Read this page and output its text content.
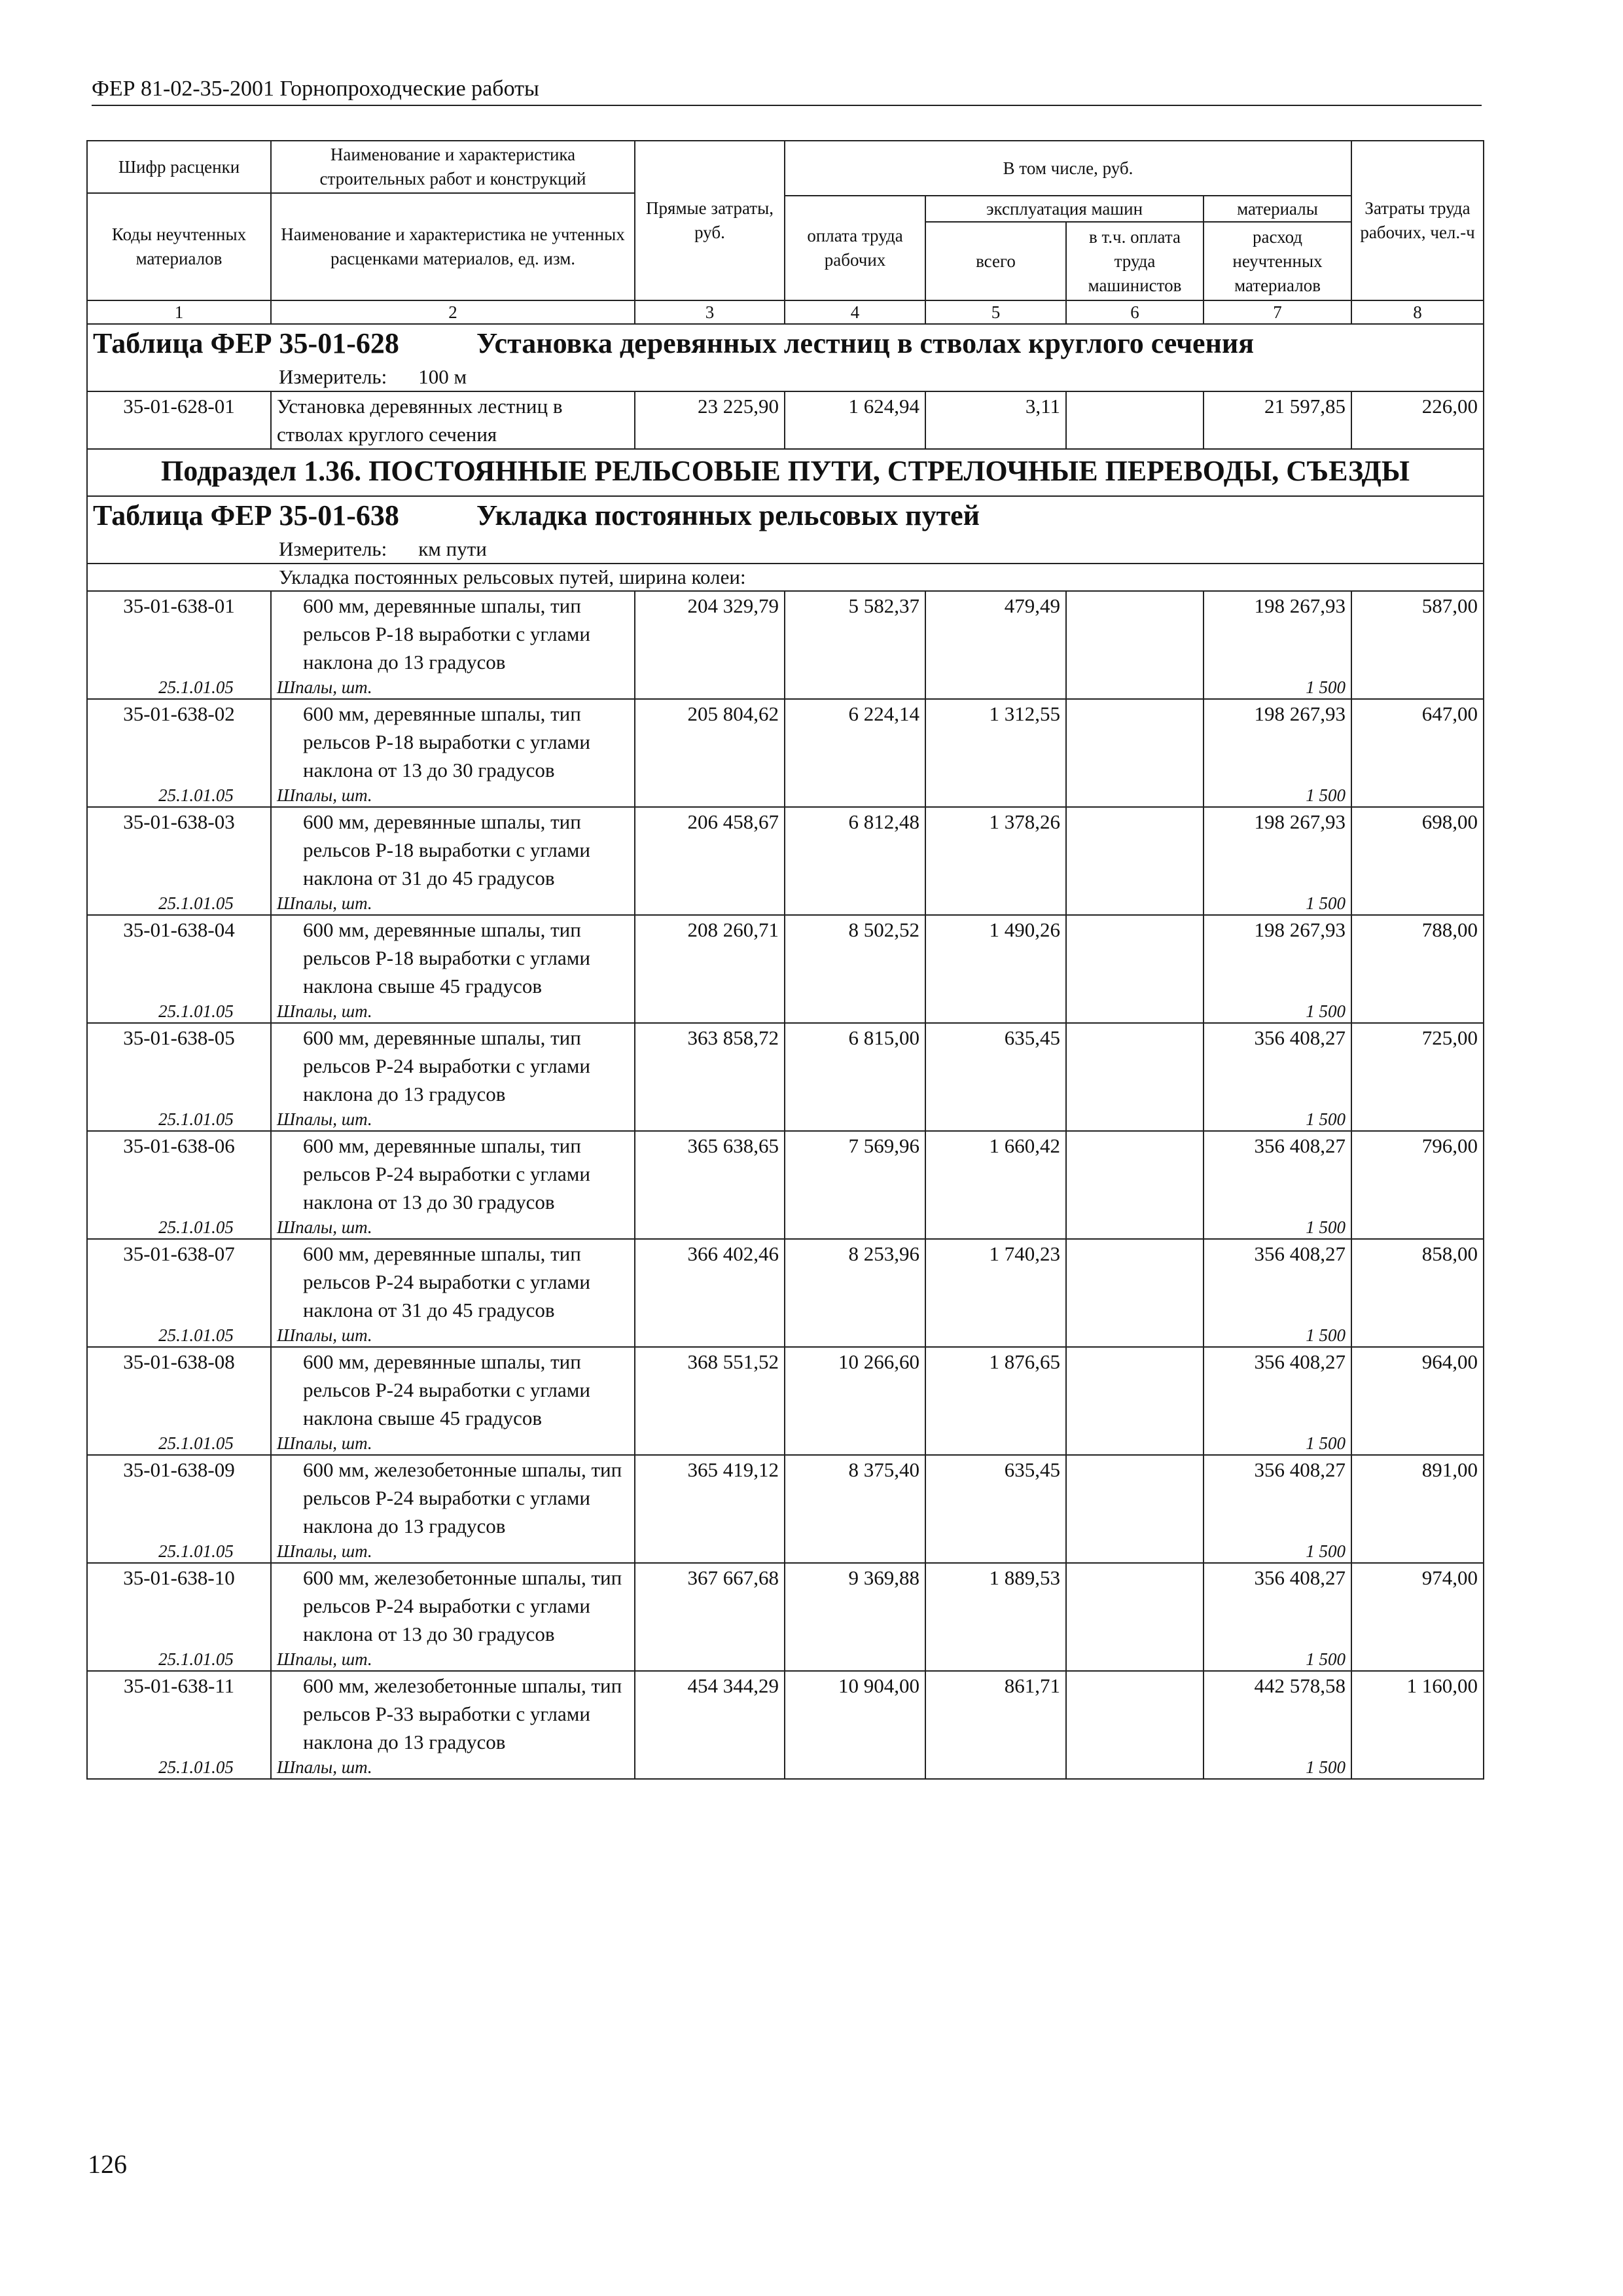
ФЕР 81-02-35-2001 Горнопроходческие работы
Шифр расценки	Наименование и характеристика строительных работ и конструкций	Прямые затраты, руб.	В том числе, руб.				Затраты труда рабочих, чел.-ч
Коды неучтенных материалов	Наименование и характеристика не учтенных расценками материалов, ед. изм.						
			оплата труда рабочих	эксплуатация машин		материалы	
				всего	в т.ч. оплата труда машинистов	расход неучтенных материалов	
1	2	3	4	5	6	7	8
Таблица ФЕР 35-01-628 Установка деревянных лестниц в стволах круглого сечения							
Измеритель: 100 м							
35-01-628-01	Установка деревянных лестниц в стволах круглого сечения	23 225,90	1 624,94	3,11		21 597,85	226,00
Подраздел 1.36. ПОСТОЯННЫЕ РЕЛЬСОВЫЕ ПУТИ, СТРЕЛОЧНЫЕ ПЕРЕВОДЫ, СЪЕЗДЫ							
Таблица ФЕР 35-01-638 Укладка постоянных рельсовых путей							
Измеритель: км пути							
Укладка постоянных рельсовых путей, ширина колеи:							
35-01-638-01	600 мм, деревянные шпалы, тип рельсов Р-18 выработки с углами наклона до 13 градусов	204 329,79	5 582,37	479,49		198 267,93	587,00
25.1.01.05	Шпалы, шт.					1 500	
35-01-638-02	600 мм, деревянные шпалы, тип рельсов Р-18 выработки с углами наклона от 13 до 30 градусов	205 804,62	6 224,14	1 312,55		198 267,93	647,00
25.1.01.05	Шпалы, шт.					1 500	
35-01-638-03	600 мм, деревянные шпалы, тип рельсов Р-18 выработки с углами наклона от 31 до 45 градусов	206 458,67	6 812,48	1 378,26		198 267,93	698,00
25.1.01.05	Шпалы, шт.					1 500	
35-01-638-04	600 мм, деревянные шпалы, тип рельсов Р-18 выработки с углами наклона свыше 45 градусов	208 260,71	8 502,52	1 490,26		198 267,93	788,00
25.1.01.05	Шпалы, шт.					1 500	
35-01-638-05	600 мм, деревянные шпалы, тип рельсов Р-24 выработки с углами наклона до 13 градусов	363 858,72	6 815,00	635,45		356 408,27	725,00
25.1.01.05	Шпалы, шт.					1 500	
35-01-638-06	600 мм, деревянные шпалы, тип рельсов Р-24 выработки с углами наклона от 13 до 30 градусов	365 638,65	7 569,96	1 660,42		356 408,27	796,00
25.1.01.05	Шпалы, шт.					1 500	
35-01-638-07	600 мм, деревянные шпалы, тип рельсов Р-24 выработки с углами наклона от 31 до 45 градусов	366 402,46	8 253,96	1 740,23		356 408,27	858,00
25.1.01.05	Шпалы, шт.					1 500	
35-01-638-08	600 мм, деревянные шпалы, тип рельсов Р-24 выработки с углами наклона свыше 45 градусов	368 551,52	10 266,60	1 876,65		356 408,27	964,00
25.1.01.05	Шпалы, шт.					1 500	
35-01-638-09	600 мм, железобетонные шпалы, тип рельсов Р-24 выработки с углами наклона до 13 градусов	365 419,12	8 375,40	635,45		356 408,27	891,00
25.1.01.05	Шпалы, шт.					1 500	
35-01-638-10	600 мм, железобетонные шпалы, тип рельсов Р-24 выработки с углами наклона от 13 до 30 градусов	367 667,68	9 369,88	1 889,53		356 408,27	974,00
25.1.01.05	Шпалы, шт.					1 500	
35-01-638-11	600 мм, железобетонные шпалы, тип рельсов Р-33 выработки с углами наклона до 13 градусов	454 344,29	10 904,00	861,71		442 578,58	1 160,00
25.1.01.05	Шпалы, шт.					1 500	
126
